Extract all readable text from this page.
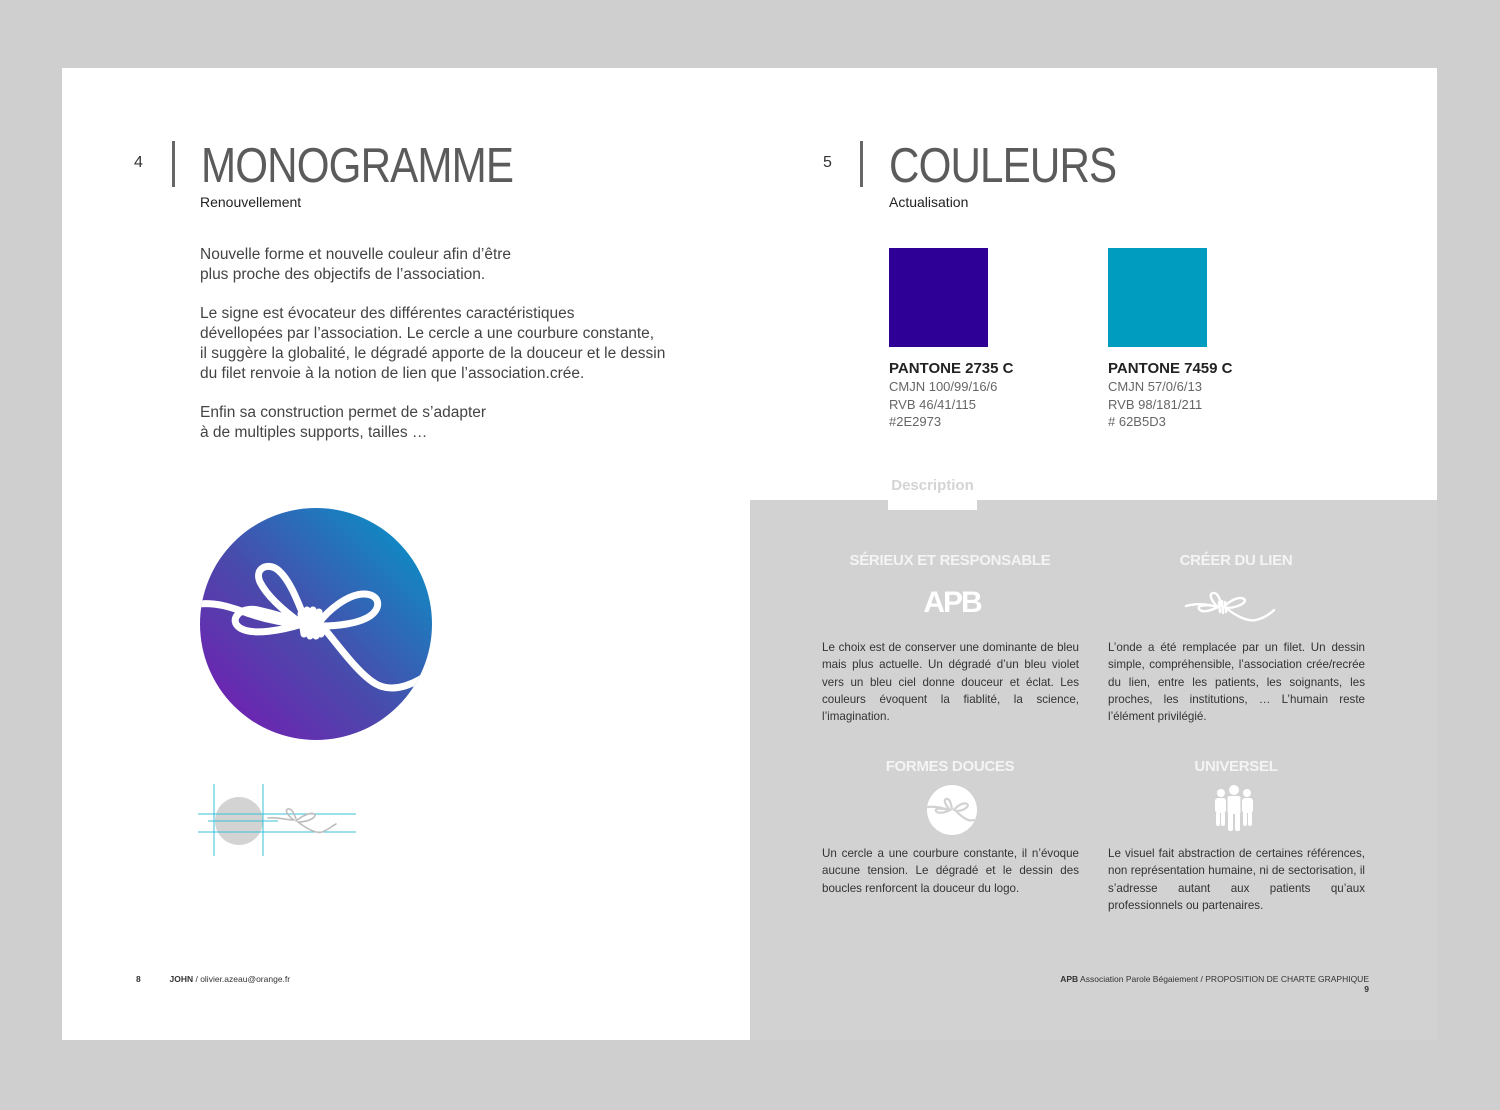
4 MONOGRAMME
Renouvellement

Nouvelle forme et nouvelle couleur afin d’être
plus proche des objectifs de l’association.

Le signe est évocateur des différentes caractéristiques
dévellopées par l’association. Le cercle a une courbure constante,
il suggère la globalité, le dégradé apporte de la douceur et le dessin
du filet renvoie à la notion de lien que l’association.crée.

Enfin sa construction permet de s’adapter
à de multiples supports, tailles …

8	JOHN / olivier.azeau@orange.fr
5 COULEURS
Actualisation
PANTONE 2735 C
CMJN 100/99/16/6
RVB 46/41/115
#2E2973
PANTONE 7459 C
CMJN 57/0/6/13
RVB 98/181/211
# 62B5D3
Description
SÉRIEUX ET RESPONSABLE
APB
Le choix est de conserver une dominante de bleu mais plus actuelle. Un dégradé d’un bleu violet vers un bleu ciel donne douceur et éclat. Les couleurs évoquent la fiablité, la science, l’imagination.
CRÉER DU LIEN
L’onde a été remplacée par un filet. Un dessin simple, compréhensible, l’association crée/recrée du lien, entre les patients, les soignants, les proches, les institutions, … L’humain reste l’élément privilégié.
FORMES DOUCES
Un cercle a une courbure constante, il n’évoque aucune tension. Le dégradé et le dessin des boucles renforcent la douceur du logo.
UNIVERSEL
Le visuel fait abstraction de certaines références, non représentation humaine, ni de sectorisation, il s’adresse autant aux patients qu’aux professionnels ou partenaires.
APB Association Parole Bégaiement / PROPOSITION DE CHARTE GRAPHIQUE  9
